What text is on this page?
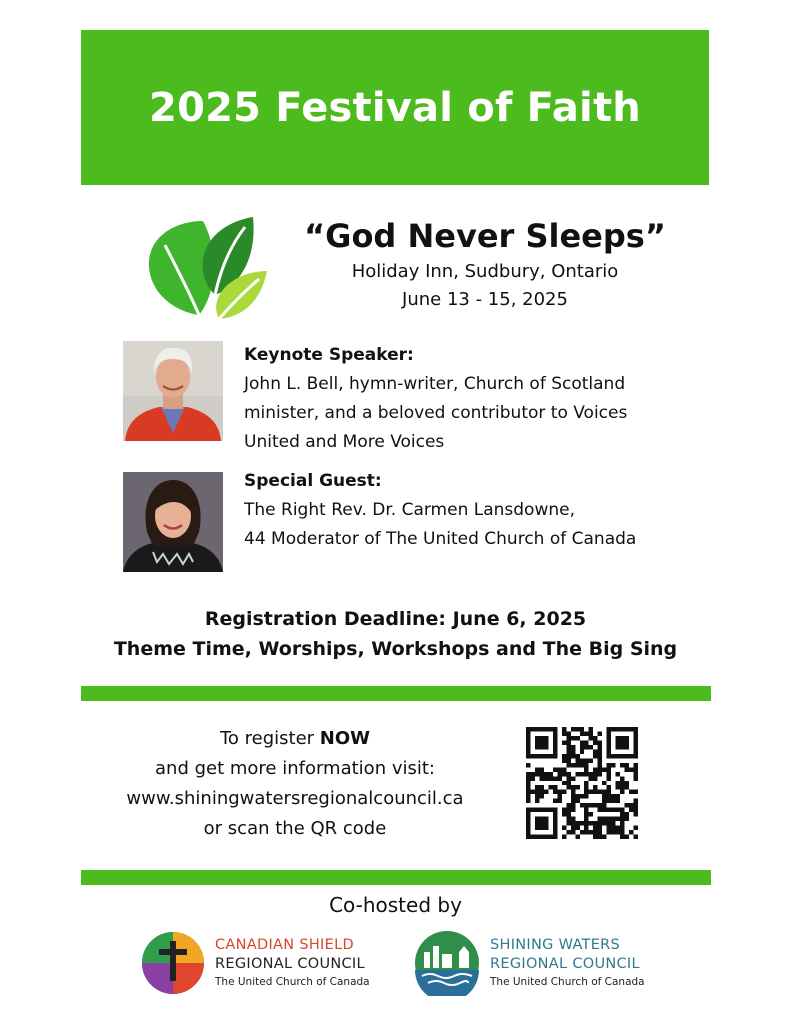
2025 Festival of Faith

“God Never Sleeps”

Holiday Inn, Sudbury, Ontario

June 13 - 15, 2025

Keynote Speaker:

John L. Bell, hymn-writer, Church of Scotland

minister, and a beloved contributor to Voices

United and More Voices

Special Guest:

The Right Rev. Dr. Carmen Lansdowne,

44 Moderator of The United Church of Canada

Registration Deadline: June 6, 2025

Theme Time, Worships, Workshops and The Big Sing

To register NOW

and get more information visit:

www.shiningwatersregionalcouncil.ca

or scan the QR code

Co-hosted by
CANADIAN SHIELD
REGIONAL COUNCIL
The United Church of Canada
SHINING WATERS
REGIONAL COUNCIL
The United Church of Canada
